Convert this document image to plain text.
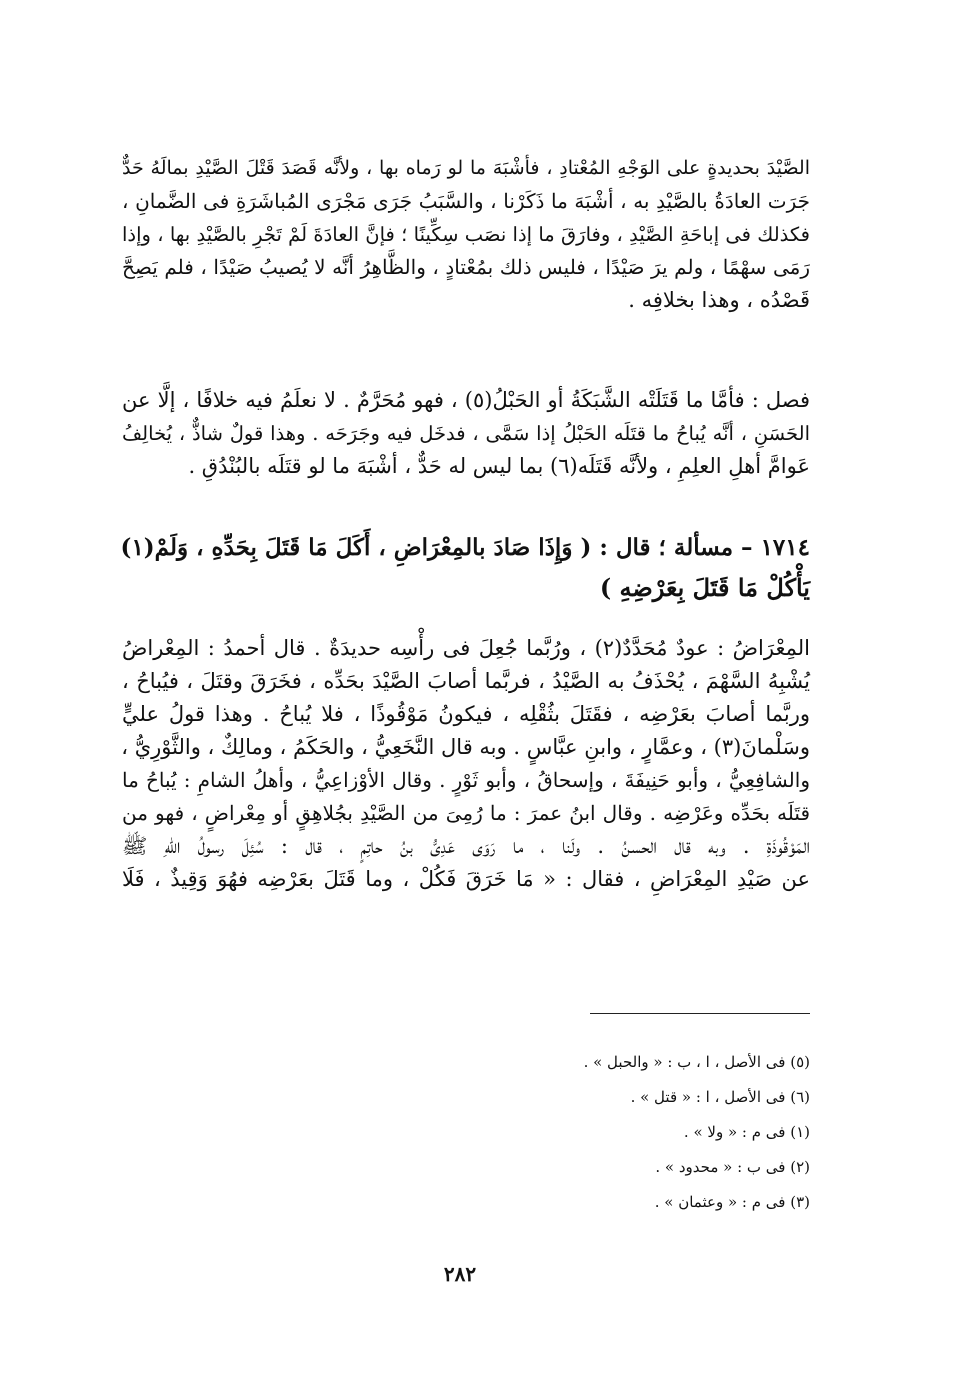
الصَّيْدَ بحديدةٍ على الوَجْهِ المُعْتادِ ، فأشْبَهَ ما لو رَماه بها ، ولأنَّه قَصَدَ قَتْلَ الصَّيْدِ بمالَهُ حَدٌّ
جَرَت العادَةُ بالصَّيْدِ به ، أشْبَهَ ما ذَكَرْنا ، والسَّبَبُ جَرَى مَجْرَى المُباشَرَةِ فى الضَّمانِ ،
فكذلك فى إباحَةِ الصَّيْدِ ، وفارَقَ ما إذا نصَب سِكِّينًا ؛ فإنَّ العادَةَ لَمْ تَجْرِ بالصَّيْدِ بها ، وإذا
رَمَى سهْمًا ، ولم يرَ صَيْدًا ، فليس ذلك بمُعْتادٍ ، والظَّاهِرُ أنَّه لا يُصيبُ صَيْدًا ، فلم يَصِحَّ
قَصْدُه ، وهذا بخلافِه .
فصل : فأمَّا ما قَتَلَتْه الشَّبَكَةُ أو الحَبْلُ(٥) ، فهو مُحَرَّمٌ . لا نعلَمُ فيه خلافًا ، إلَّا عن
الحَسَنِ ، أنَّه يُباحُ ما قتَلَه الحَبْلُ إذا سَمَّى ، فدخَل فيه وجَرَحَه . وهذا قولٌ شاذٌّ ، يُخالِفُ
عَوامَّ أهلِ العلِمِ ، ولأنَّه قَتَلَه(٦) بما ليس له حَدٌّ ، أشْبَهَ ما لو قتَلَه بالبُنْدُقِ .
١٧١٤ – مسألة ؛ قال : ( وَإِذَا صَادَ بالمِعْرَاضِ ، أَكَلَ مَا قَتَلَ بِحَدِّهِ ، وَلَمْ(١)
يَأْكُلْ مَا قَتَلَ بِعَرْضِهِ )
المِعْرَاضُ : عودٌ مُحَدَّدٌ(٢) ، ورُبَّما جُعِلَ فى رأْسِه حديدَةٌ . قال أحمدُ : المِعْراضُ
يُشْبِهُ السَّهْمَ ، يُحْذَفُ به الصَّيْدُ ، فربَّما أصابَ الصَّيْدَ بحَدِّه ، فخَرَقَ وقتَلَ ، فيُباحُ ،
وربَّما أصابَ بعَرْضِه ، فقَتَلَ بثُقْلِه ، فيكونُ مَوْقُوذًا ، فلا يُباحُ . وهذا قولُ عليٍّ
وسَلْمانَ(٣) ، وعمَّارٍ ، وابنِ عبَّاسٍ . وبه قال النَّخَعِيُّ ، والحَكَمُ ، ومالِكٌ ، والثَّوْرِيُّ ،
والشافِعِيُّ ، وأبو حَنِيفَةَ ، وإسحاقُ ، وأبو ثَوْرٍ . وقال الأوْزاعِيُّ ، وأهلُ الشامِ : يُباحُ ما
قتَلَه بحَدِّه وعَرْضِه . وقال ابنُ عمرَ : ما رُمِىَ من الصَّيْدِ بجُلاهِقٍ أو مِعْراضٍ ، فهو من
المَوْقُوذَةِ . وبه قال الحسنُ . ولَنا ، ما رَوَى عَدِىُّ بنُ حاتِمٍ ، قال : سُئِلَ رسولُ اللهِ ﷺ
عن صَيْدِ المِعْرَاضِ ، فقال : « مَا خَرَقَ فَكُلْ ، وما قَتَلَ بعَرْضِه فهُوَ وَقِيذٌ ، فَلَا
(٥) فى الأصل ، ا ، ب : « والحبل » .
(٦) فى الأصل ، ا : « قتل » .
(١) فى م : « ولا » .
(٢) فى ب : « محدود » .
(٣) فى م : « وعثمان » .
٢٨٢
